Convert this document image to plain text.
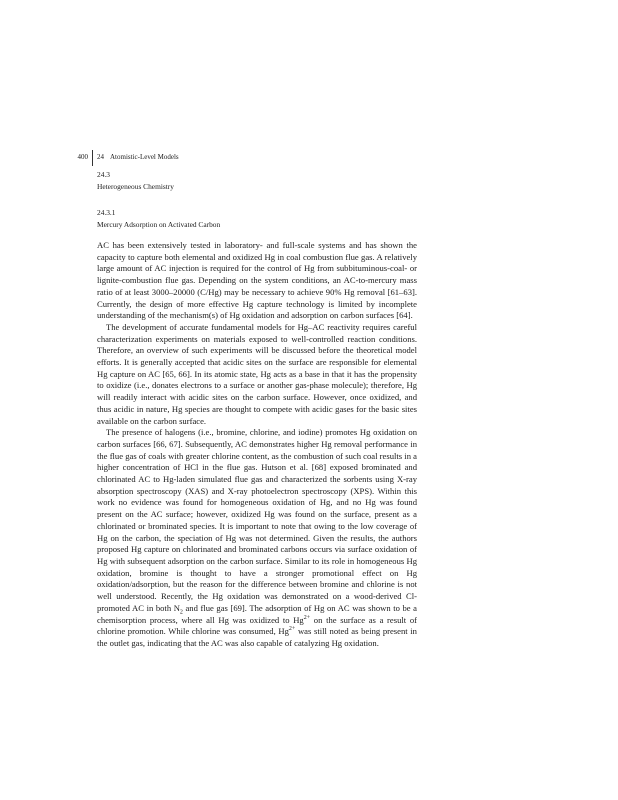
400 24 Atomistic-Level Models
24.3
Heterogeneous Chemistry
24.3.1
Mercury Adsorption on Activated Carbon

AC has been extensively tested in laboratory- and full-scale systems and has shown the capacity to capture both elemental and oxidized Hg in coal combustion flue gas. A relatively large amount of AC injection is required for the control of Hg from subbituminous-coal- or lignite-combustion flue gas. Depending on the system conditions, an AC-to-mercury mass ratio of at least 3000–20000 (C/Hg) may be necessary to achieve 90% Hg removal [61–63]. Currently, the design of more effective Hg capture technology is limited by incomplete understanding of the mechanism(s) of Hg oxidation and adsorption on carbon surfaces [64].

The development of accurate fundamental models for Hg–AC reactivity requires careful characterization experiments on materials exposed to well-controlled reaction conditions. Therefore, an overview of such experiments will be discussed before the theoretical model efforts. It is generally accepted that acidic sites on the surface are responsible for elemental Hg capture on AC [65, 66]. In its atomic state, Hg acts as a base in that it has the propensity to oxidize (i.e., donates electrons to a surface or another gas-phase molecule); therefore, Hg will readily interact with acidic sites on the carbon surface. However, once oxidized, and thus acidic in nature, Hg species are thought to compete with acidic gases for the basic sites available on the carbon surface.

The presence of halogens (i.e., bromine, chlorine, and iodine) promotes Hg oxidation on carbon surfaces [66, 67]. Subsequently, AC demonstrates higher Hg removal performance in the flue gas of coals with greater chlorine content, as the combustion of such coal results in a higher concentration of HCl in the flue gas. Hutson et al. [68] exposed brominated and chlorinated AC to Hg-laden simulated flue gas and characterized the sorbents using X-ray absorption spectroscopy (XAS) and X-ray photoelectron spectroscopy (XPS). Within this work no evidence was found for homogeneous oxidation of Hg, and no Hg was found present on the AC surface; however, oxidized Hg was found on the surface, present as a chlorinated or brominated species. It is important to note that owing to the low coverage of Hg on the carbon, the speciation of Hg was not determined. Given the results, the authors proposed Hg capture on chlorinated and brominated carbons occurs via surface oxidation of Hg with subsequent adsorption on the carbon surface. Similar to its role in homogeneous Hg oxidation, bromine is thought to have a stronger promotional effect on Hg oxidation/adsorption, but the reason for the difference between bromine and chlorine is not well understood. Recently, the Hg oxidation was demonstrated on a wood-derived Cl-promoted AC in both $N_2$ and flue gas [69]. The adsorption of Hg on AC was shown to be a chemisorption process, where all Hg was oxidized to $Hg^{2+}$ on the surface as a result of chlorine promotion. While chlorine was consumed, $Hg^{2+}$ was still noted as being present in the outlet gas, indicating that the AC was also capable of catalyzing Hg oxidation.
